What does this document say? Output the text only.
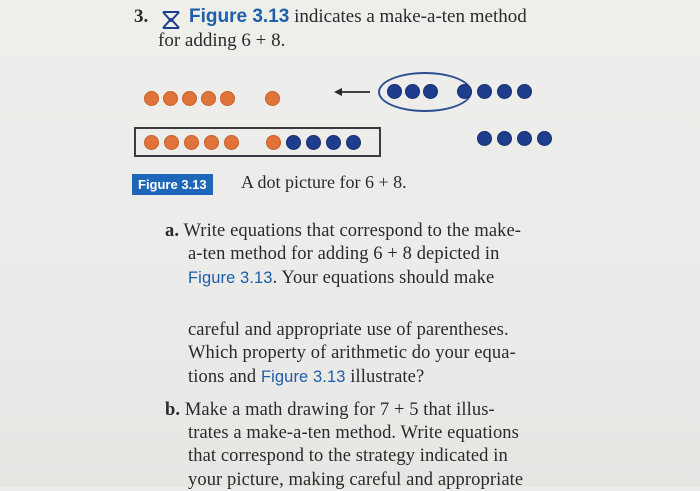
3. Figure 3.13 indicates a make-a-ten method
for adding 6 + 8.
Figure 3.13	A dot picture for 6 + 8.
a. Write equations that correspond to the make-
a-ten method for adding 6 + 8 depicted in
Figure 3.13. Your equations should make
careful and appropriate use of parentheses.
Which property of arithmetic do your equa-
tions and Figure 3.13 illustrate?
b. Make a math drawing for 7 + 5 that illus-
trates a make-a-ten method. Write equations
that correspond to the strategy indicated in
your picture, making careful and appropriate
